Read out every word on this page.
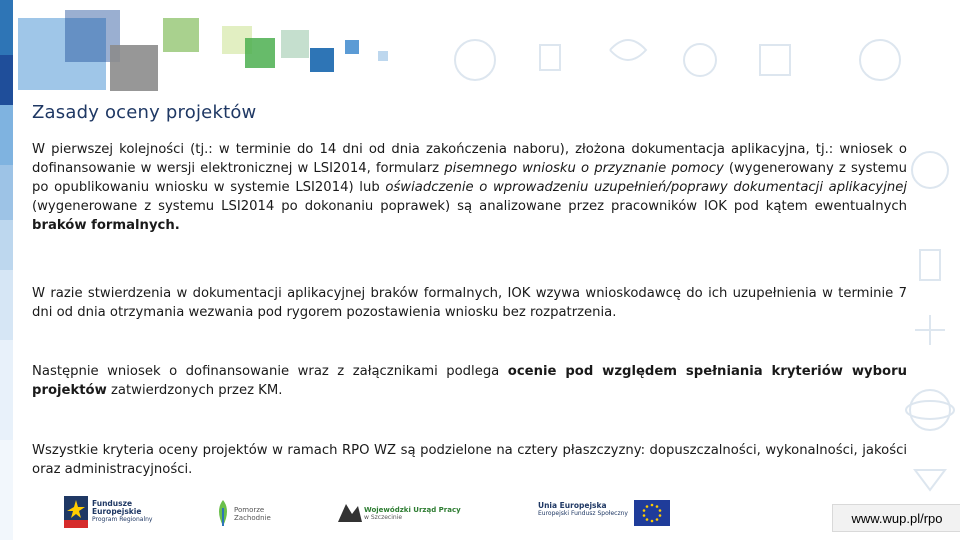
Zasady oceny projektów

W pierwszej kolejności (tj.: w terminie do 14 dni od dnia zakończenia naboru), złożona dokumentacja aplikacyjna, tj.: wniosek o dofinansowanie w wersji elektronicznej w LSI2014, formularz pisemnego wniosku o przyznanie pomocy (wygenerowany z systemu po opublikowaniu wniosku w systemie LSI2014) lub oświadczenie o wprowadzeniu uzupełnień/poprawy dokumentacji aplikacyjnej (wygenerowane z systemu LSI2014 po dokonaniu poprawek) są analizowane przez pracowników IOK pod kątem ewentualnych braków formalnych.

W razie stwierdzenia w dokumentacji aplikacyjnej braków formalnych, IOK wzywa wnioskodawcę do ich uzupełnienia w terminie 7 dni od dnia otrzymania wezwania pod rygorem pozostawienia wniosku bez rozpatrzenia.

Następnie wniosek o dofinansowanie wraz z załącznikami podlega ocenie pod względem spełniania kryteriów wyboru projektów zatwierdzonych przez KM.

Wszystkie kryteria oceny projektów w ramach RPO WZ są podzielone na cztery płaszczyzny: dopuszczalności, wykonalności, jakości oraz administracyjności.

Fundusze
Europejskie
Program Regionalny
Pomorze
Zachodnie
Wojewódzki Urząd Pracy
w Szczecinie
Unia Europejska
Europejski Fundusz Społeczny	www.wup.pl/rpo
